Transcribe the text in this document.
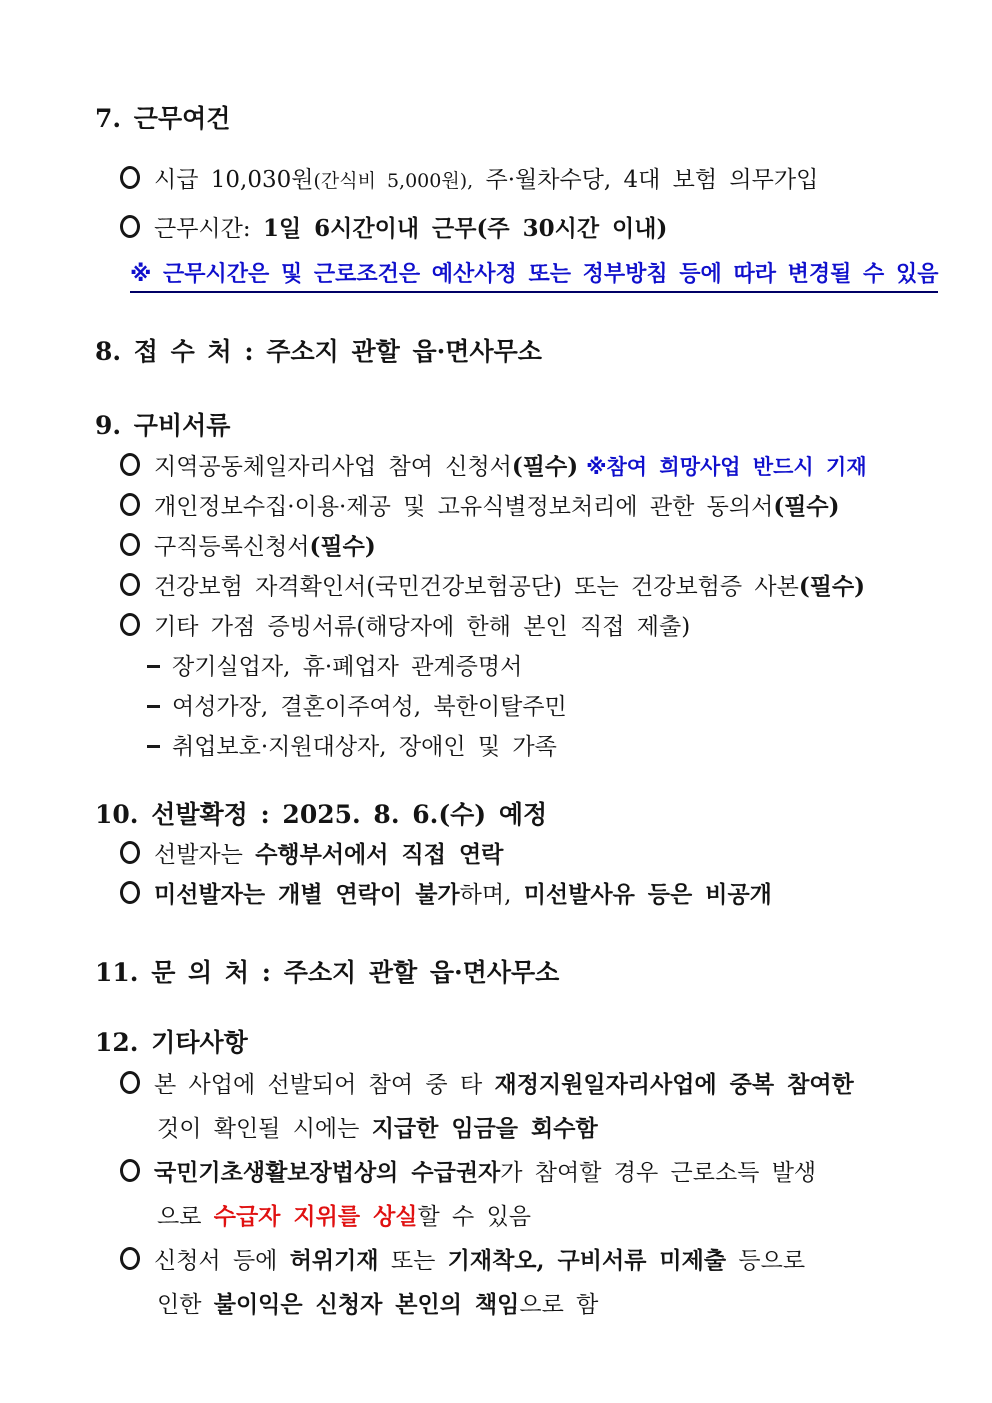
7. 근무여건
시급 10,030원(간식비 5,000원), 주·월차수당, 4대 보험 의무가입
근무시간: 1일 6시간이내 근무(주 30시간 이내)
※ 근무시간은 및 근로조건은 예산사정 또는 정부방침 등에 따라 변경될 수 있음
8. 접 수 처 : 주소지 관할 읍·면사무소
9. 구비서류
지역공동체일자리사업 참여 신청서(필수) ※참여 희망사업 반드시 기재
개인정보수집·이용·제공 및 고유식별정보처리에 관한 동의서(필수)
구직등록신청서(필수)
건강보험 자격확인서(국민건강보험공단) 또는 건강보험증 사본(필수)
기타 가점 증빙서류(해당자에 한해 본인 직접 제출)
장기실업자, 휴·폐업자 관계증명서
여성가장, 결혼이주여성, 북한이탈주민
취업보호·지원대상자, 장애인 및 가족
10. 선발확정 : 2025. 8. 6.(수) 예정
선발자는 수행부서에서 직접 연락
미선발자는 개별 연락이 불가하며, 미선발사유 등은 비공개
11. 문 의 처 : 주소지 관할 읍·면사무소
12. 기타사항
본 사업에 선발되어 참여 중 타 재정지원일자리사업에 중복 참여한
것이 확인될 시에는 지급한 임금을 회수함
국민기초생활보장법상의 수급권자가 참여할 경우 근로소득 발생
으로 수급자 지위를 상실할 수 있음
신청서 등에 허위기재 또는 기재착오, 구비서류 미제출 등으로
인한 불이익은 신청자 본인의 책임으로 함
